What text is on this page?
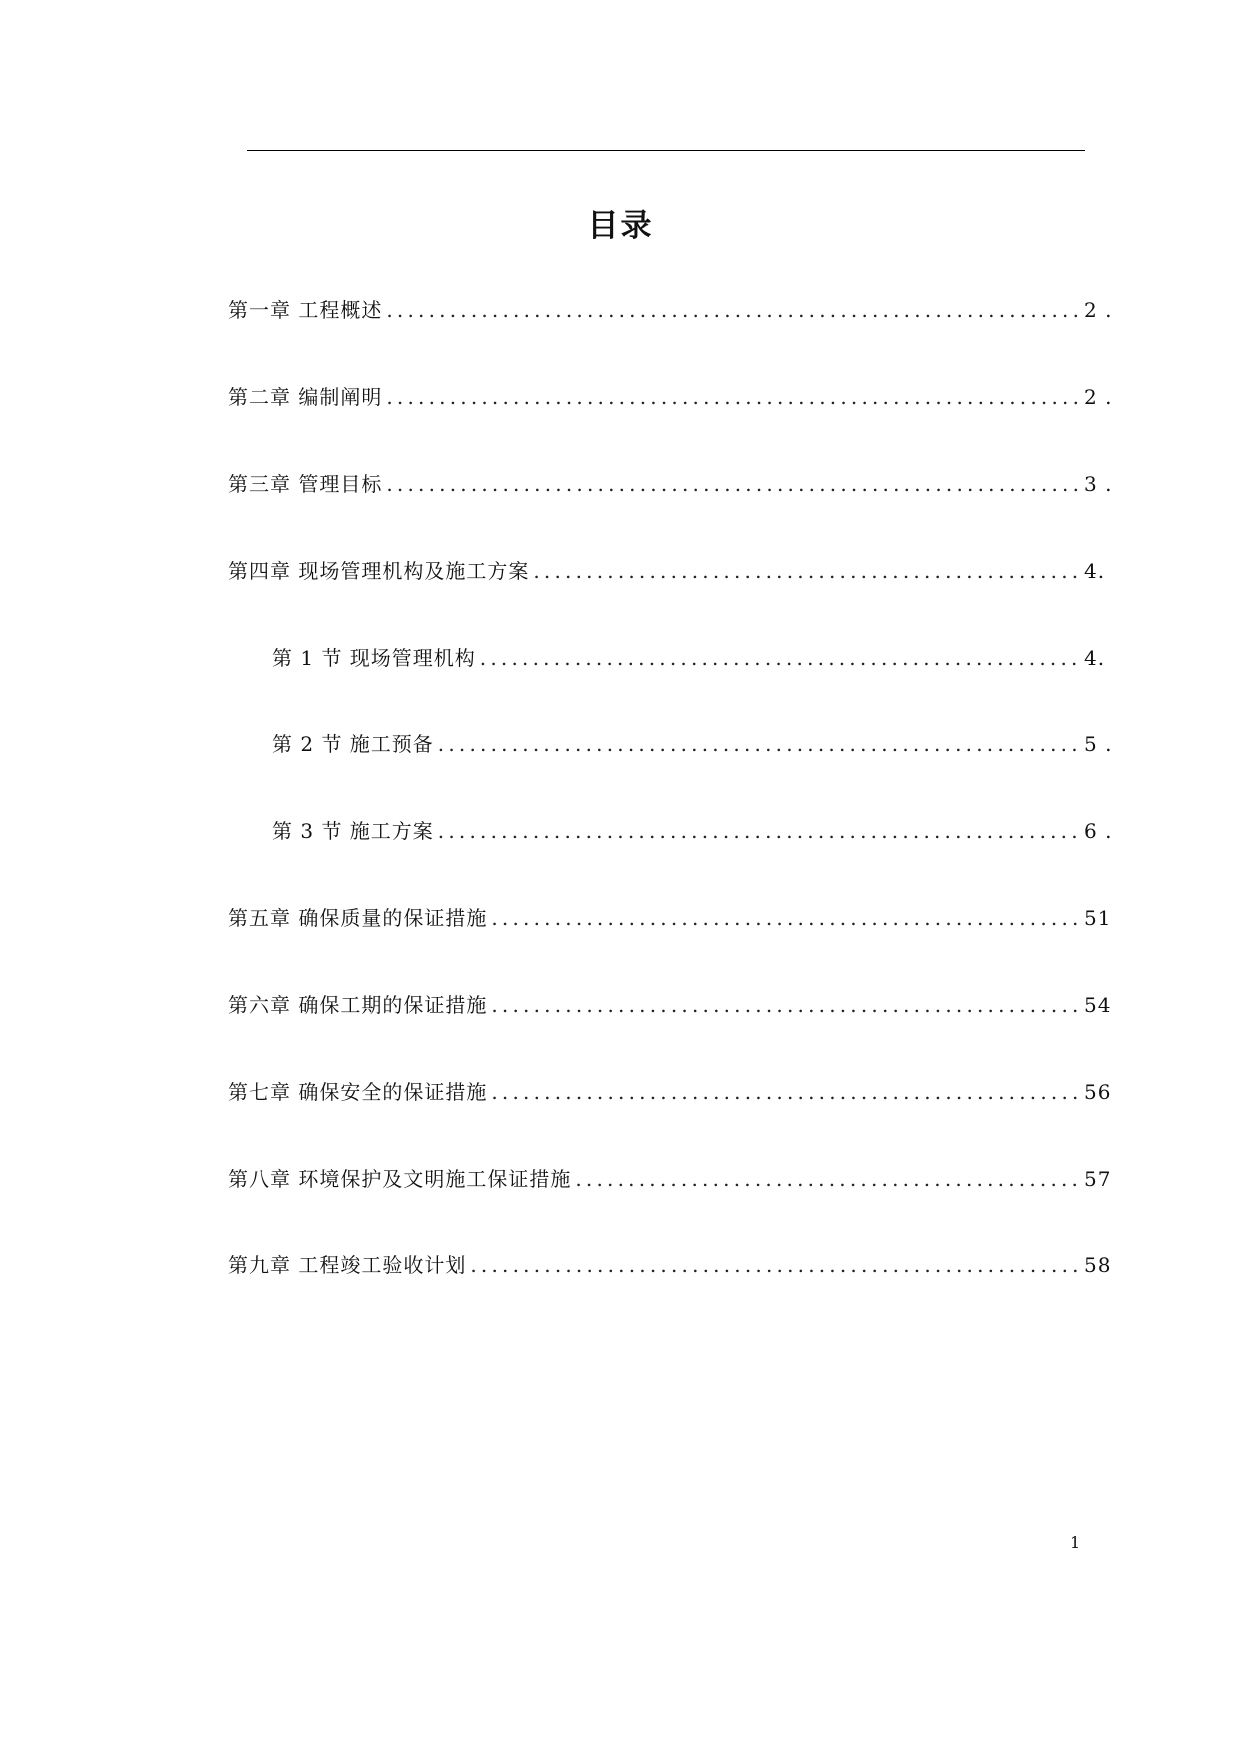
目录
第一章 工程概述 .....	2 .
第二章 编制阐明 .....	2 .
第三章 管理目标 .....	3 .
第四章 现场管理机构及施工方案 .....	4.
第 1 节 现场管理机构 .....	4.
第 2 节 施工预备 .....	5 .
第 3 节 施工方案 .....	6 .
第五章 确保质量的保证措施 .....	51
第六章 确保工期的保证措施 .....	54
第七章 确保安全的保证措施 .....	56
第八章 环境保护及文明施工保证措施 .....	57
第九章 工程竣工验收计划 .....	58
1
